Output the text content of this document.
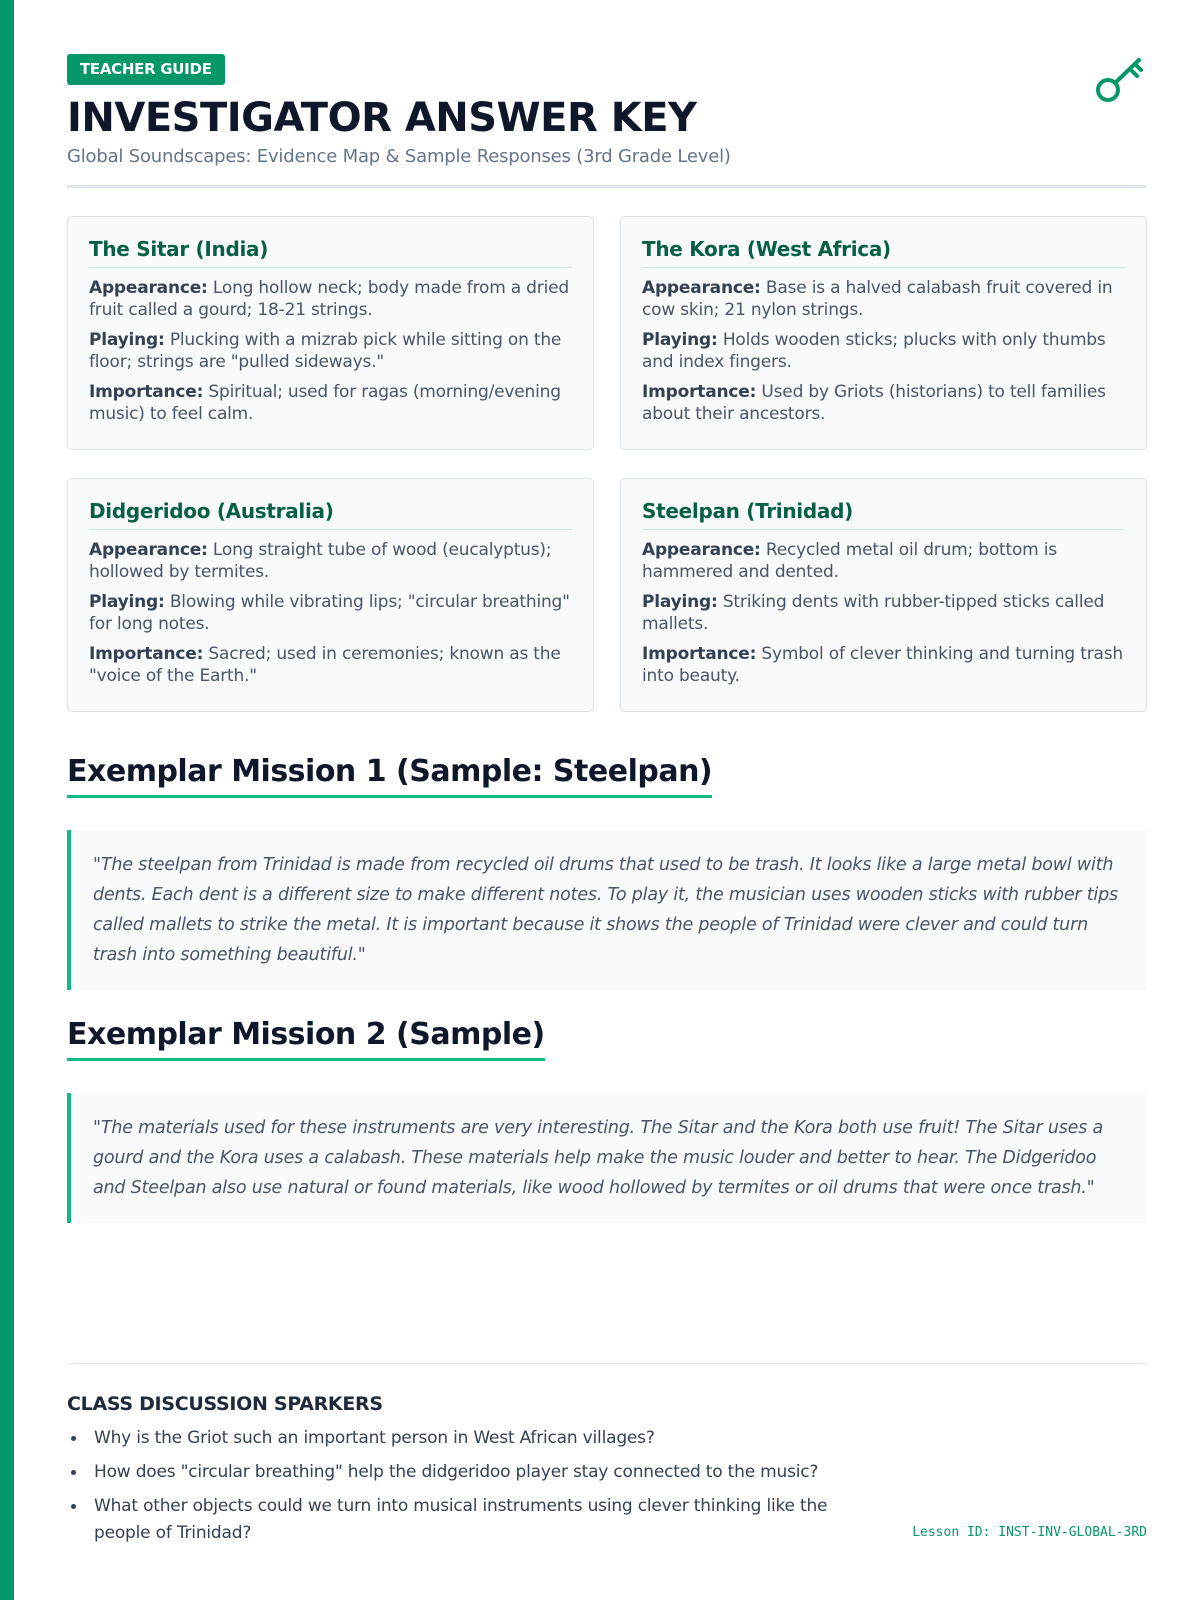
TEACHER GUIDE
INVESTIGATOR ANSWER KEY
Global Soundscapes: Evidence Map & Sample Responses (3rd Grade Level)
The Sitar (India)
Appearance: Long hollow neck; body made from a dried fruit called a gourd; 18-21 strings.
Playing: Plucking with a mizrab pick while sitting on the floor; strings are "pulled sideways."
Importance: Spiritual; used for ragas (morning/evening music) to feel calm.
The Kora (West Africa)
Appearance: Base is a halved calabash fruit covered in cow skin; 21 nylon strings.
Playing: Holds wooden sticks; plucks with only thumbs and index fingers.
Importance: Used by Griots (historians) to tell families about their ancestors.
Didgeridoo (Australia)
Appearance: Long straight tube of wood (eucalyptus); hollowed by termites.
Playing: Blowing while vibrating lips; "circular breathing" for long notes.
Importance: Sacred; used in ceremonies; known as the "voice of the Earth."
Steelpan (Trinidad)
Appearance: Recycled metal oil drum; bottom is hammered and dented.
Playing: Striking dents with rubber-tipped sticks called mallets.
Importance: Symbol of clever thinking and turning trash into beauty.
Exemplar Mission 1 (Sample: Steelpan)
"The steelpan from Trinidad is made from recycled oil drums that used to be trash. It looks like a large metal bowl with dents. Each dent is a different size to make different notes. To play it, the musician uses wooden sticks with rubber tips called mallets to strike the metal. It is important because it shows the people of Trinidad were clever and could turn trash into something beautiful."
Exemplar Mission 2 (Sample)
"The materials used for these instruments are very interesting. The Sitar and the Kora both use fruit! The Sitar uses a gourd and the Kora uses a calabash. These materials help make the music louder and better to hear. The Didgeridoo and Steelpan also use natural or found materials, like wood hollowed by termites or oil drums that were once trash."
CLASS DISCUSSION SPARKERS
Why is the Griot such an important person in West African villages?
How does "circular breathing" help the didgeridoo player stay connected to the music?
What other objects could we turn into musical instruments using clever thinking like the people of Trinidad?	Lesson ID: INST-INV-GLOBAL-3RD
